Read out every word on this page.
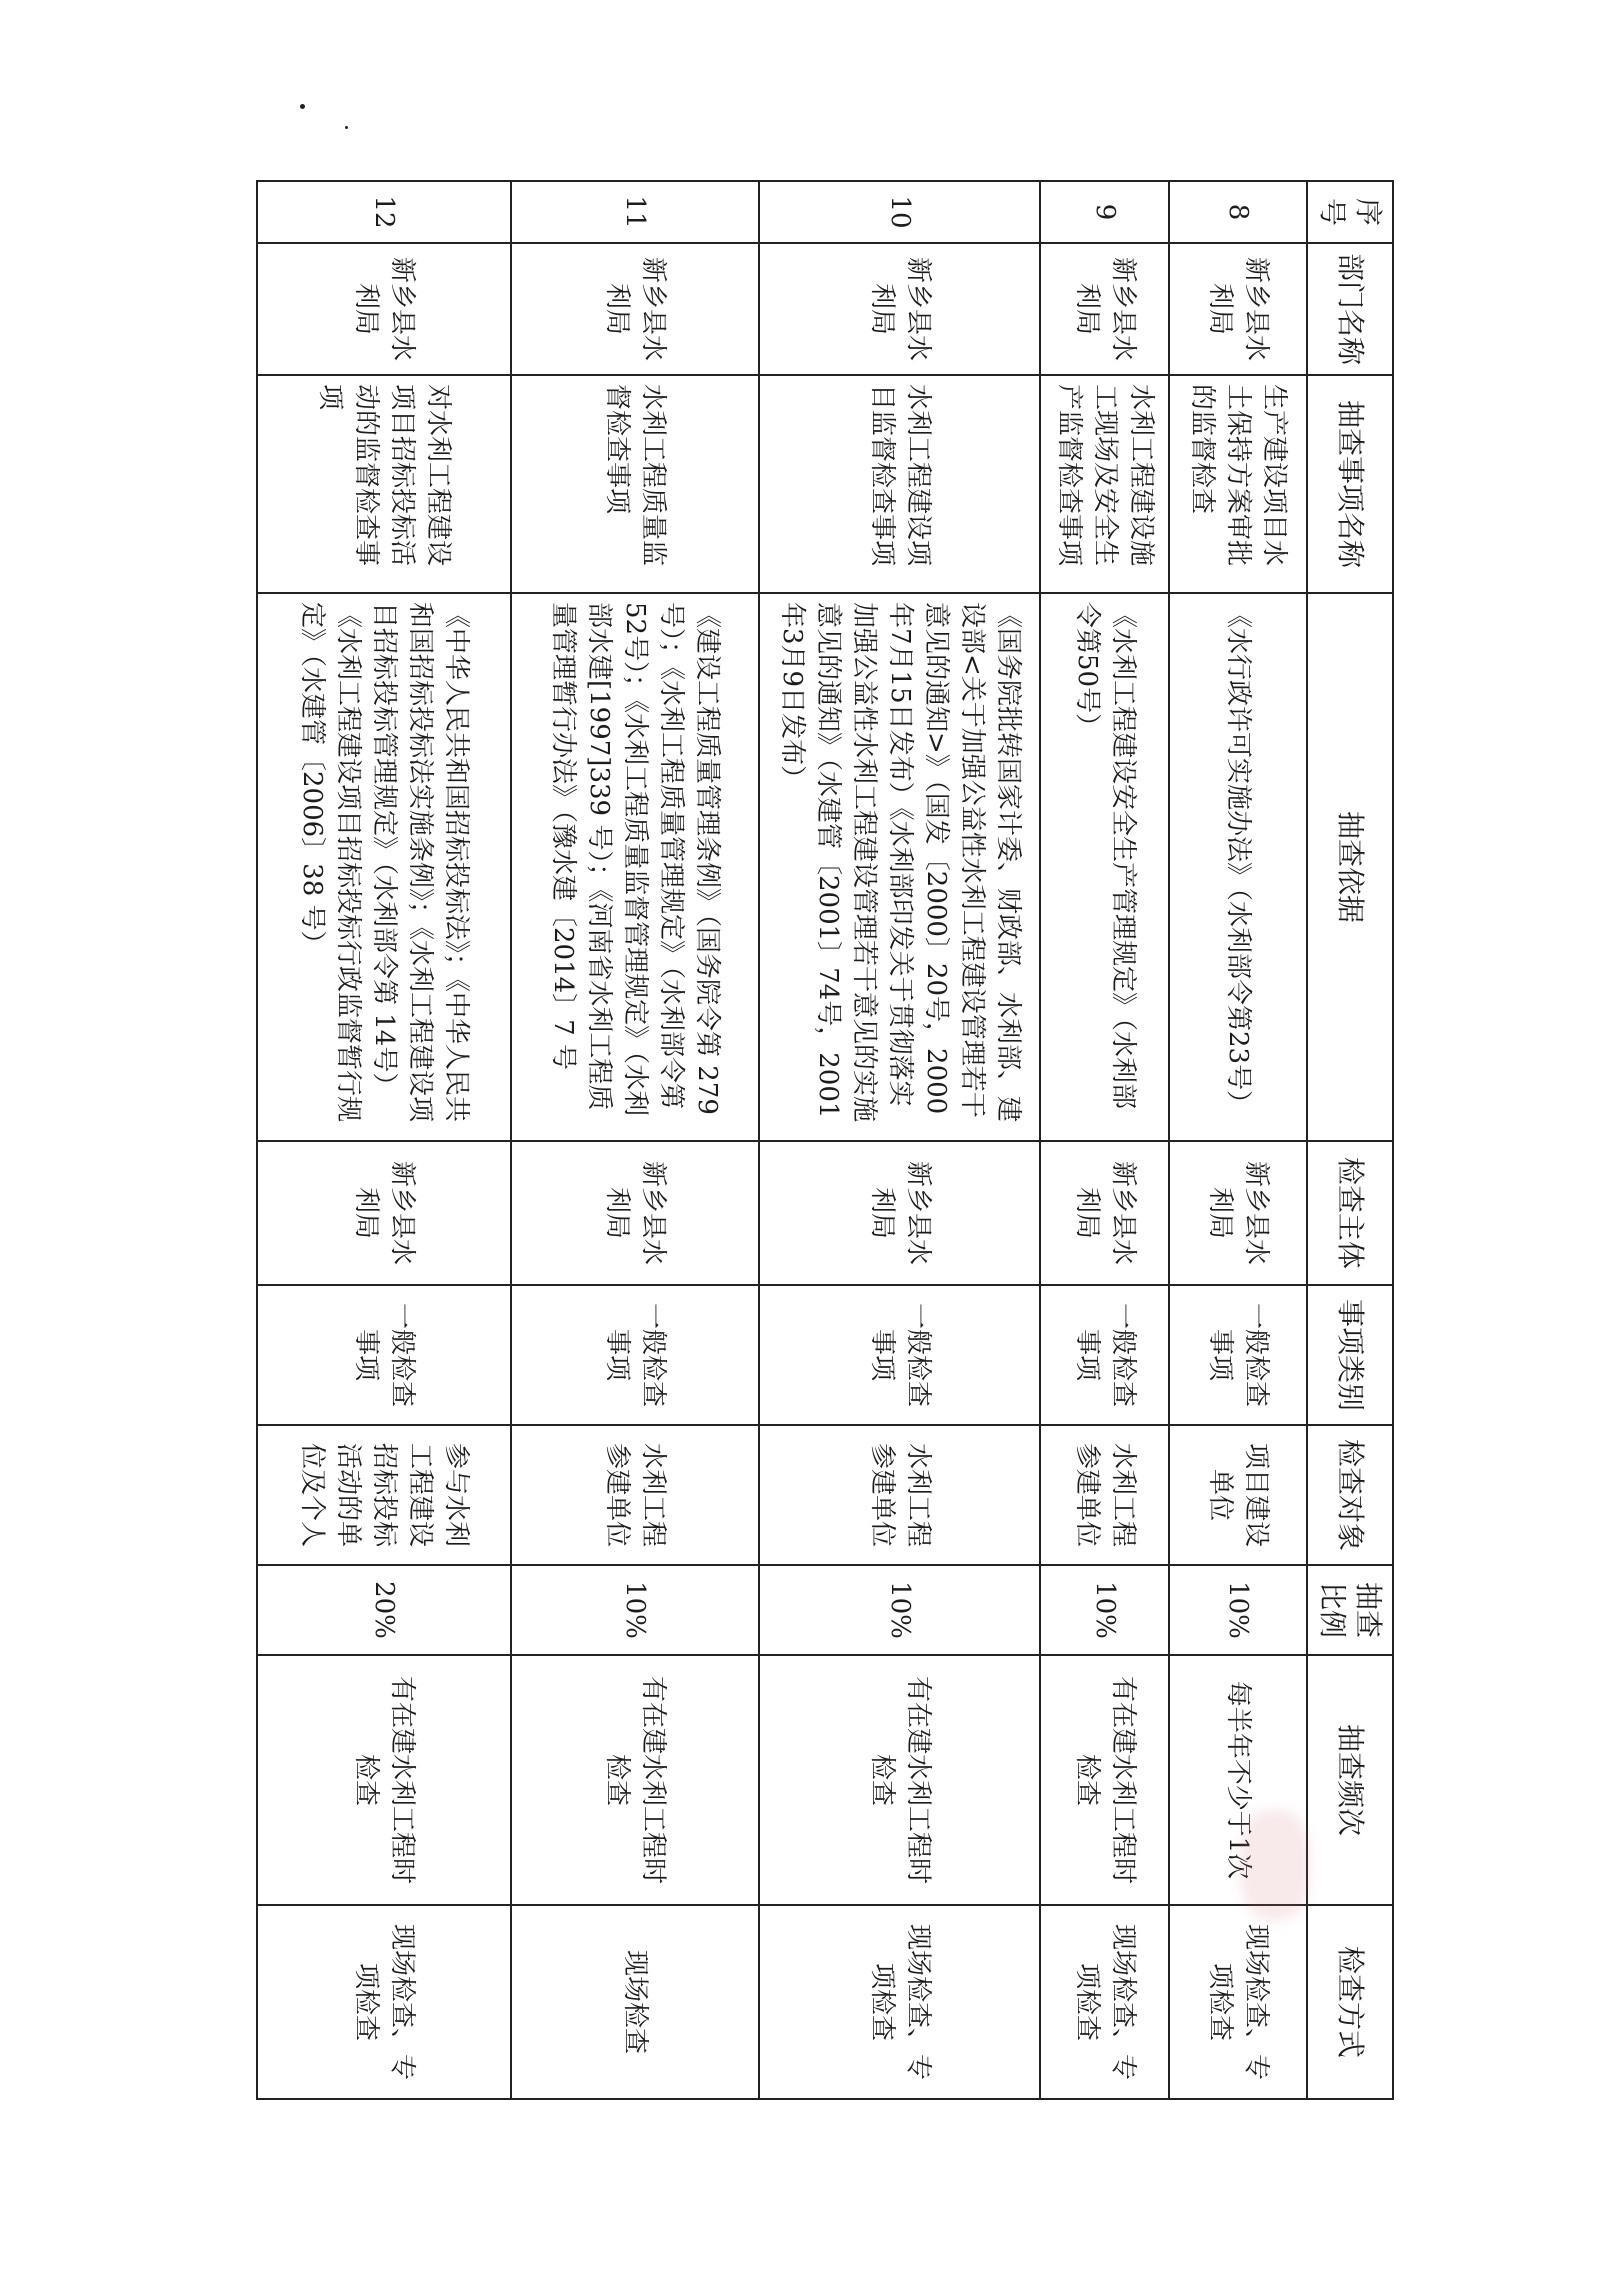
序号	部门名称	抽查事项名称	抽查依据	检查主体	事项类别	检查对象	抽查比例	抽查频次	检查方式
8	新乡县水利局	生产建设项目水土保持方案审批的监督检查	《水行政许可实施办法》（水利部令第23号）	新乡县水利局	一般检查事项	项目建设单位	10%	每半年不少于1次	现场检查、专项检查
9	新乡县水利局	水利工程建设施工现场及安全生产监督检查事项	《水利工程建设安全生产管理规定》（水利部令第50号）	新乡县水利局	一般检查事项	水利工程参建单位	10%	有在建水利工程时检查	现场检查、专项检查
10	新乡县水利局	水利工程建设项目监督检查事项	《国务院批转国家计委、财政部、水利部、建设部<关于加强公益性水利工程建设管理若干意见的通知>》（国发〔2000〕20号，2000年7月15日发布）《水利部印发关于贯彻落实加强公益性水利工程建设管理若干意见的实施意见的通知》（水建管〔2001〕74号，2001年3月9日发布）	新乡县水利局	一般检查事项	水利工程参建单位	10%	有在建水利工程时检查	现场检查、专项检查
11	新乡县水利局	水利工程质量监督检查事项	《建设工程质量管理条例》（国务院令第 279 号）；《水利工程质量管理规定》（水利部令第52号）；《水利工程质量监督管理规定》（水利部水建[1997]339 号）；《河南省水利工程质量管理暂行办法》（豫水建〔2014〕7 号	新乡县水利局	一般检查事项	水利工程参建单位	10%	有在建水利工程时检查	现场检查
12	新乡县水利局	对水利工程建设项目招标投标活动的监督检查事项	《中华人民共和国招标投标法》；《中华人民共和国招标投标法实施条例》；《水利工程建设项目招标投标管理规定》（水利部令第 14号）《水利工程建设项目招标投标行政监督暂行规定》（水建管〔2006〕38 号）	新乡县水利局	一般检查事项	参与水利工程建设招标投标活动的单位及个人	20%	有在建水利工程时检查	现场检查、专项检查
